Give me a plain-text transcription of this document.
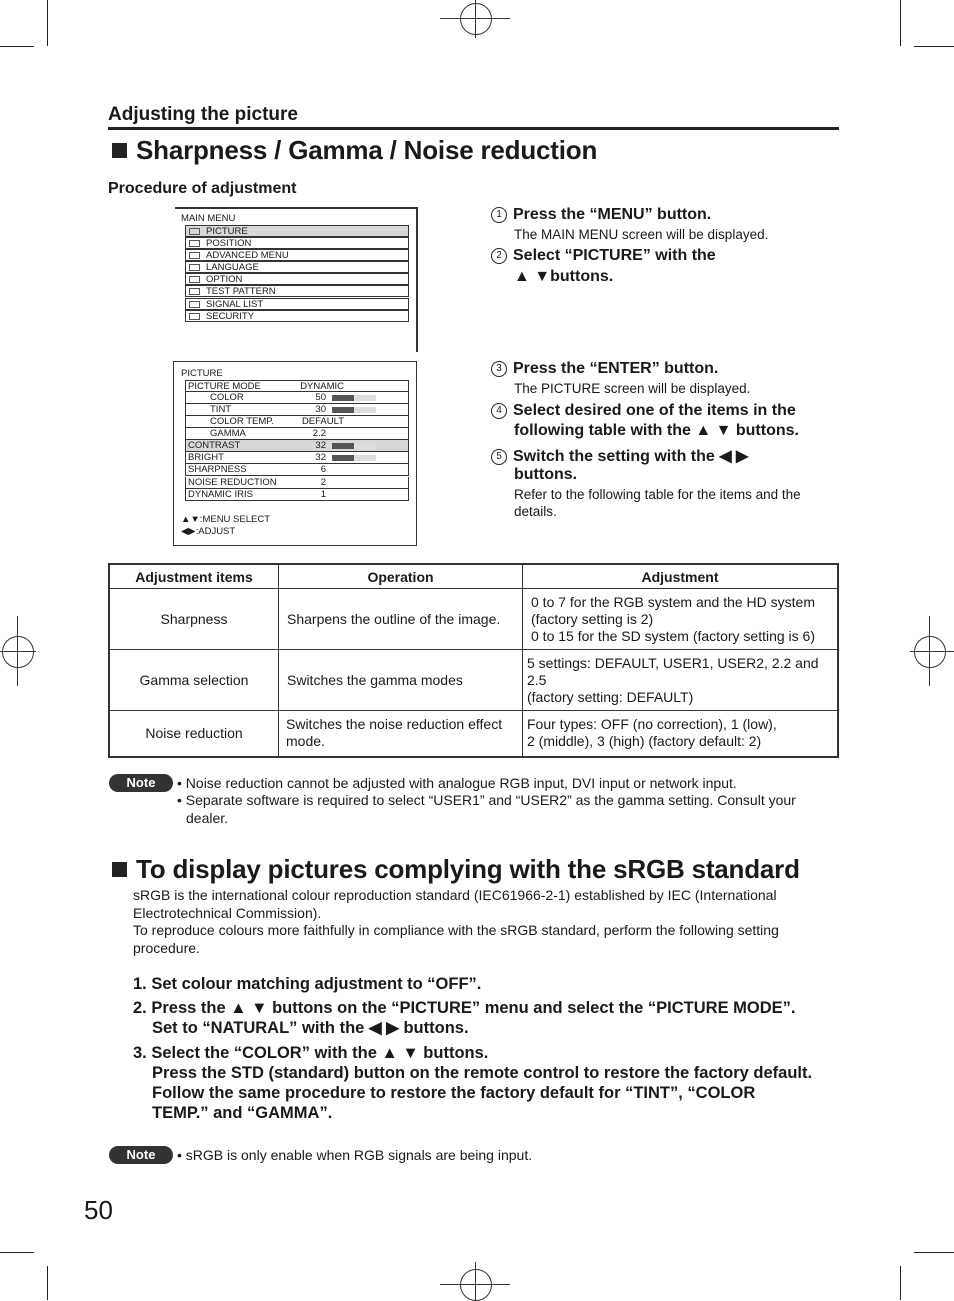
Adjusting the picture
Sharpness / Gamma / Noise reduction
Procedure of adjustment
MAIN MENU
PICTURE
POSITION
ADVANCED MENU
LANGUAGE
OPTION
TEST PATTERN
SIGNAL LIST
SECURITY
PICTURE
PICTURE MODE	DYNAMIC
COLOR	50
TINT	30
COLOR TEMP.	DEFAULT
GAMMA	2.2
CONTRAST	32
BRIGHT	32
SHARPNESS	6
NOISE REDUCTION	2
DYNAMIC IRIS	1
▲▼:MENU SELECT
◀▶:ADJUST
1 Press the “MENU” button.
The MAIN MENU screen will be displayed.
2 Select “PICTURE” with the
▲ ▼buttons.
3 Press the “ENTER” button.
The PICTURE screen will be displayed.
4 Select desired one of the items in the
following table with the ▲ ▼ buttons.
5 Switch the setting with the ◀ ▶
buttons.
Refer to the following table for the items and the details.
Adjustment items	Operation	Adjustment
Sharpness	Sharpens the outline of the image.	0 to 7 for the RGB system and the HD system (factory setting is 2)
0 to 15 for the SD system (factory setting is 6)

Gamma selection	Switches the gamma modes	5 settings: DEFAULT, USER1, USER2, 2.2 and 2.5
(factory setting: DEFAULT)

Noise reduction	Switches the noise reduction effect mode.	Four types: OFF (no correction), 1 (low),
2 (middle), 3 (high) (factory default: 2)
Note	• Noise reduction cannot be adjusted with analogue RGB input, DVI input or network input.
• Separate software is required to select “USER1” and “USER2” as the gamma setting. Consult your dealer.
To display pictures complying with the sRGB standard
sRGB is the international colour reproduction standard (IEC61966-2-1) established by IEC (International Electrotechnical Commission).
To reproduce colours more faithfully in compliance with the sRGB standard, perform the following setting procedure.
1. Set colour matching adjustment to “OFF”.
2. Press the ▲ ▼ buttons on the “PICTURE” menu and select the “PICTURE MODE”.
Set to “NATURAL” with the ◀ ▶ buttons.
3. Select the “COLOR” with the ▲ ▼ buttons.
Press the STD (standard) button on the remote control to restore the factory default.
Follow the same procedure to restore the factory default for “TINT”, “COLOR
TEMP.” and “GAMMA”.
Note	• sRGB is only enable when RGB signals are being input.
50
